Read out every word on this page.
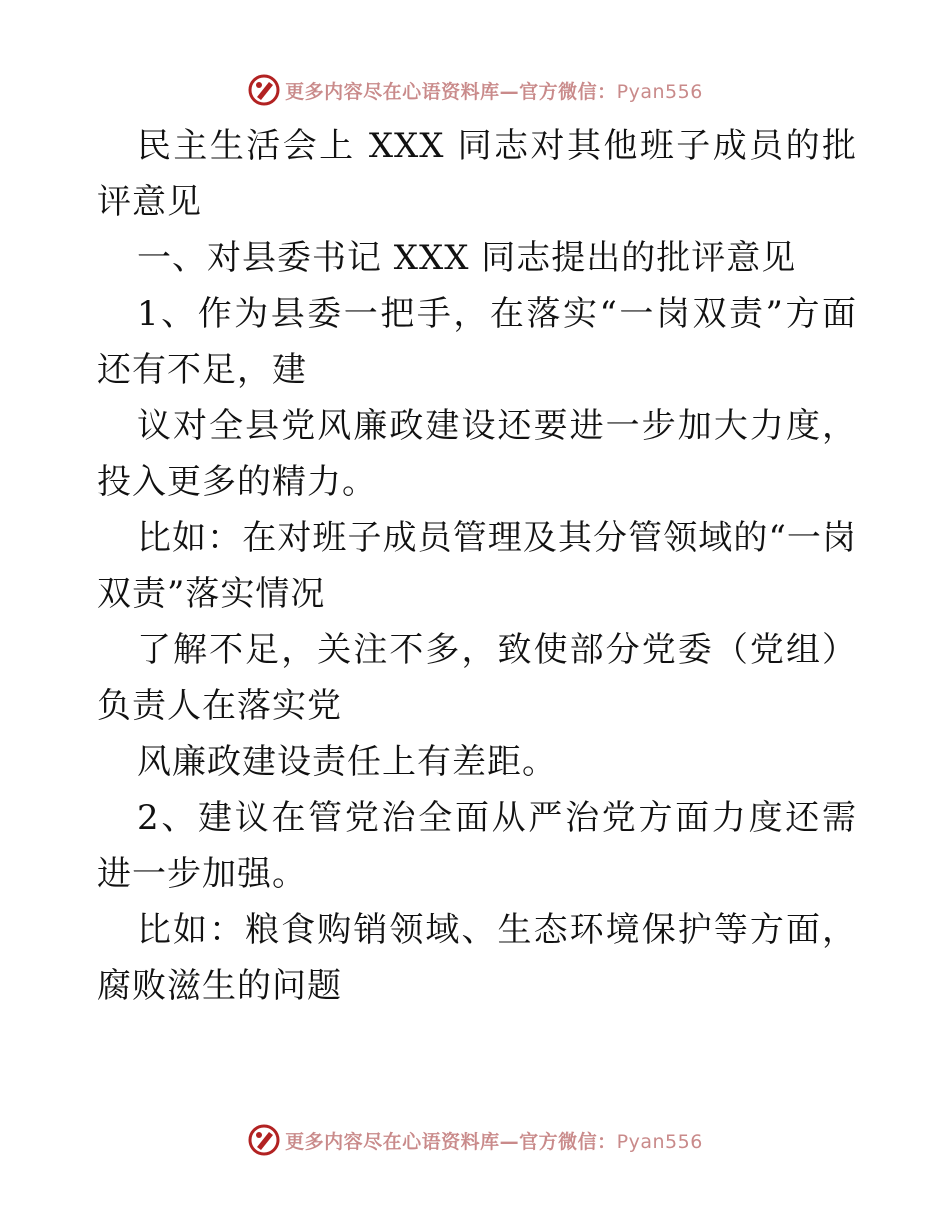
更多内容尽在心语资料库—官方微信：Pyan556

民主生活会上 XXX 同志对其他班子成员的批评意见

一、对县委书记 XXX 同志提出的批评意见

1、作为县委一把手，在落实“一岗双责”方面还有不足，建

议对全县党风廉政建设还要进一步加大力度，投入更多的精力。

比如：在对班子成员管理及其分管领域的“一岗双责”落实情况

了解不足，关注不多，致使部分党委（党组）负责人在落实党

风廉政建设责任上有差距。

2、建议在管党治全面从严治党方面力度还需进一步加强。

比如：粮食购销领域、生态环境保护等方面，腐败滋生的问题

更多内容尽在心语资料库—官方微信：Pyan556
